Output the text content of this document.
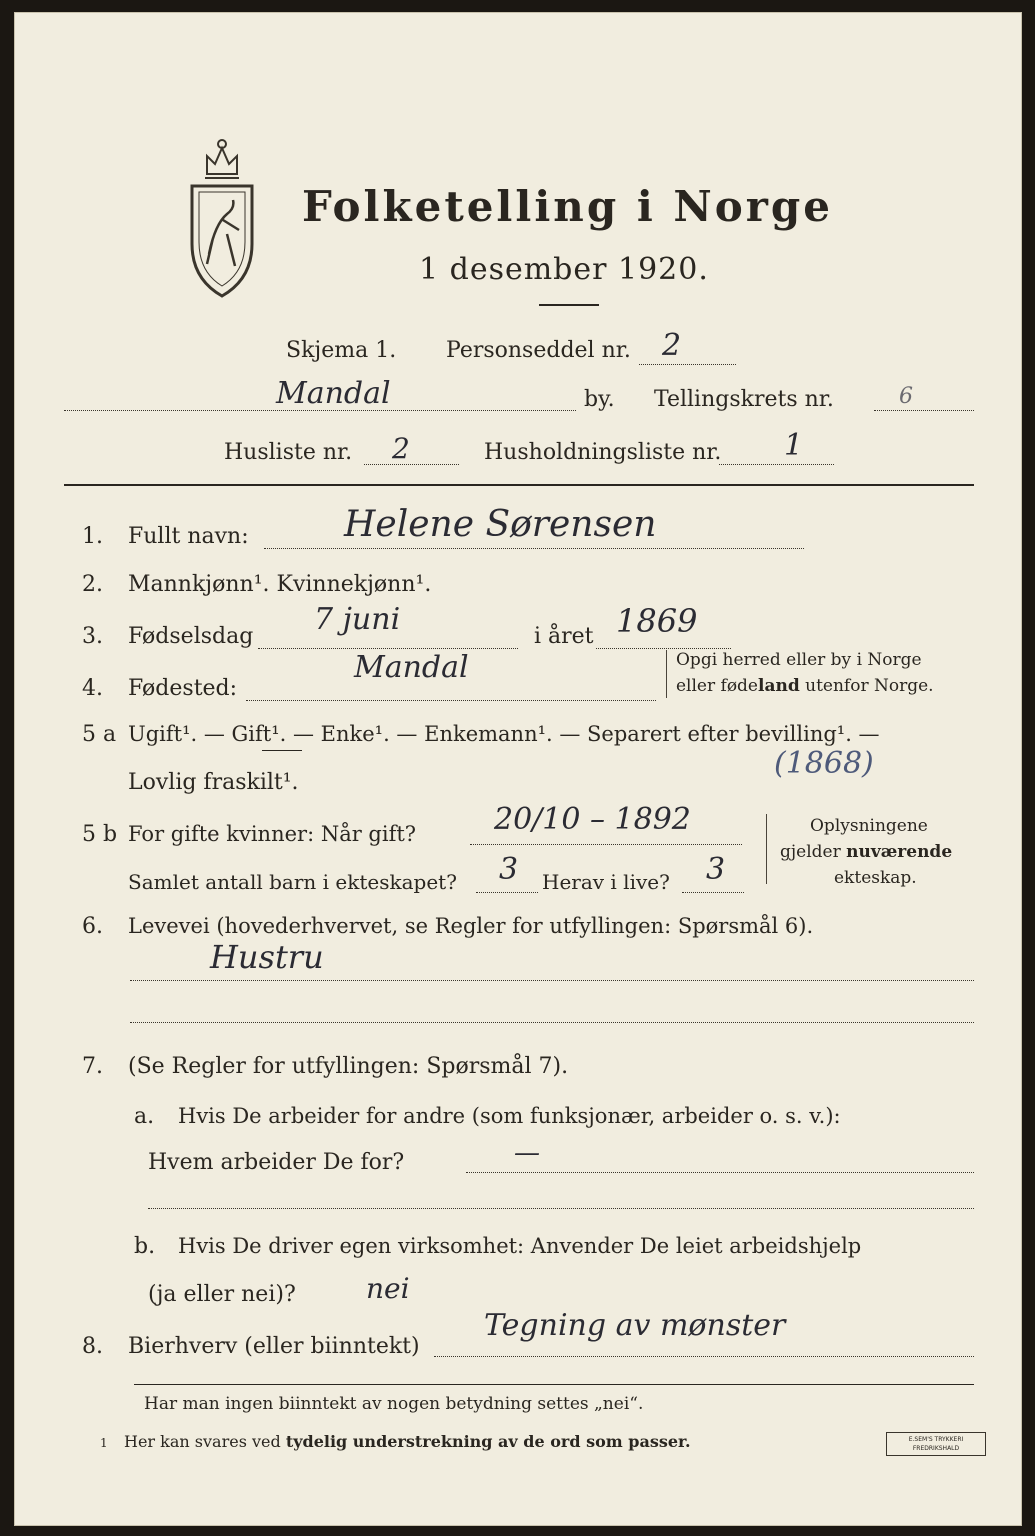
Folketelling i Norge
1 desember 1920.
Skjema 1. Personseddel nr. 2
Mandal	by. Tellingskrets nr.	6
Husliste nr. 2	Husholdningsliste nr. 1
1. Fullt navn:	Helene Sørensen
2. Mannkjønn¹. Kvinnekjønn¹.
3. Fødselsdag 7 juni	i året 1869
4. Fødested:
Mandal	Opgi herred eller by i Norge
eller fødeland utenfor Norge.
5 a Ugift¹. — Gift¹. — Enke¹. — Enkemann¹. — Separert efter bevilling¹. —
Lovlig fraskilt¹.
(1868)
5 b For gifte kvinner: Når gift?	20/10 – 1892
Samlet antall barn i ekteskapet? 3 Herav i live? 3
Oplysningene
gjelder nuværende
ekteskap.
6. Levevei (hovederhvervet, se Regler for utfyllingen: Spørsmål 6).
Hustru
7. (Se Regler for utfyllingen: Spørsmål 7).
a. Hvis De arbeider for andre (som funksjonær, arbeider o. s. v.):
Hvem arbeider De for?	—
b. Hvis De driver egen virksomhet: Anvender De leiet arbeidshjelp
(ja eller nei)?	nei
8. Bierhverv (eller biinntekt)
Tegning av mønster
Har man ingen biinntekt av nogen betydning settes „nei“.
1 Her kan svares ved tydelig understrekning av de ord som passer.	E.SEM'S TRYKKERI
FREDRIKSHALD
